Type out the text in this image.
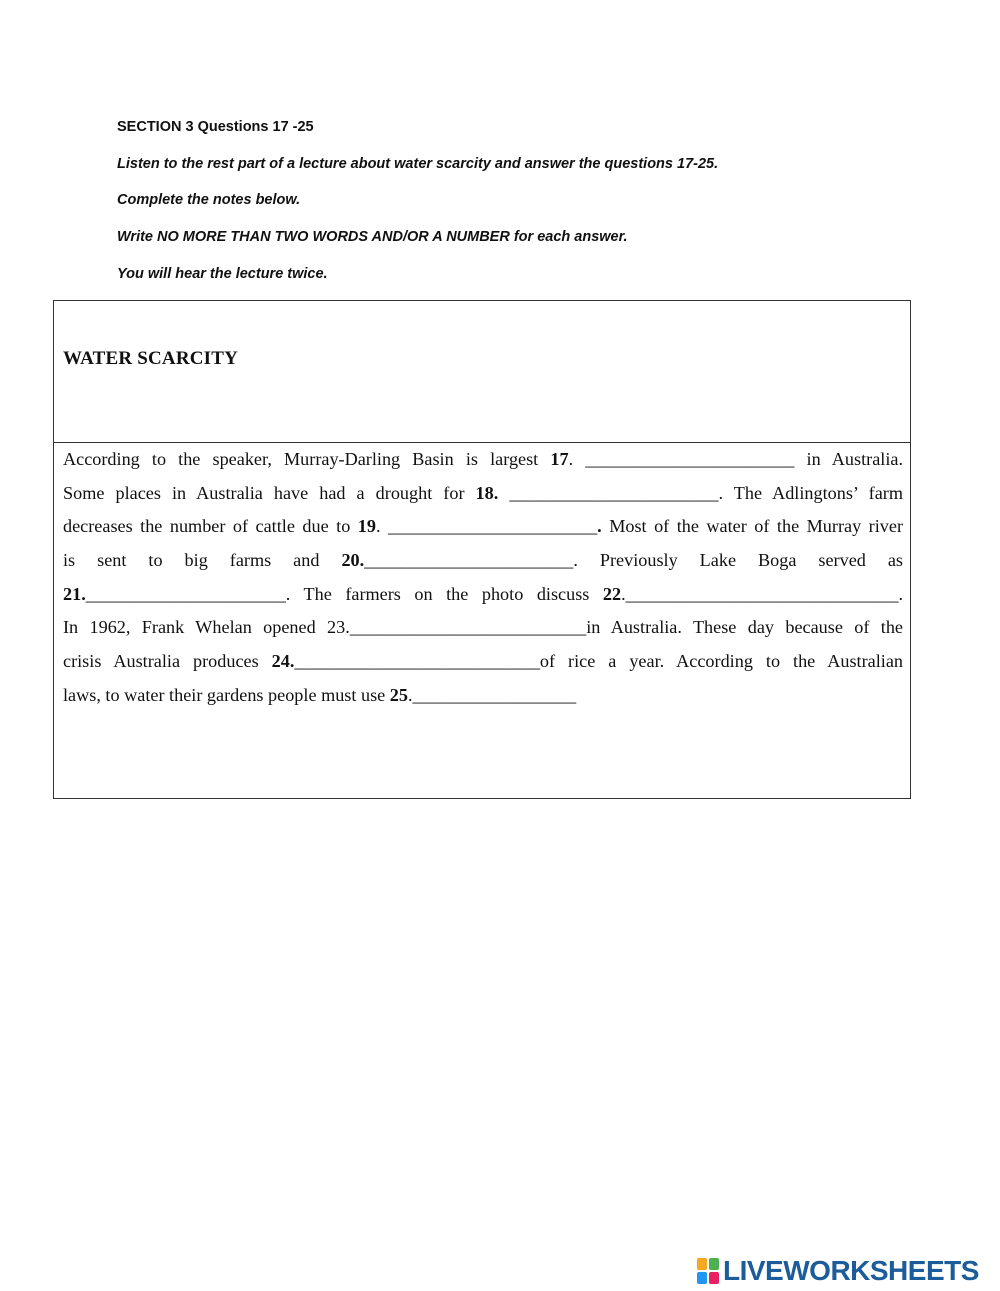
SECTION 3 Questions 17 -25
Listen to the rest part of a lecture about water scarcity and answer the questions 17-25.
Complete the notes below.
Write NO MORE THAN TWO WORDS AND/OR A NUMBER for each answer.
You will hear the lecture twice.
WATER SCARCITY
According to the speaker, Murray-Darling Basin is largest 17. _______________________ in Australia.
Some places in Australia have had a drought for 18. _______________________. The Adlingtons’ farm
decreases the number of cattle due to 19. _______________________. Most of the water of the Murray river
is sent to big farms and 20._______________________. Previously Lake Boga served as
21.______________________. The farmers on the photo discuss 22.______________________________.
In 1962, Frank Whelan opened 23.__________________________in Australia. These day because of the
crisis Australia produces 24.___________________________of rice a year. According to the Australian
laws, to water their gardens people must use 25.__________________
LIVEWORKSHEETS
